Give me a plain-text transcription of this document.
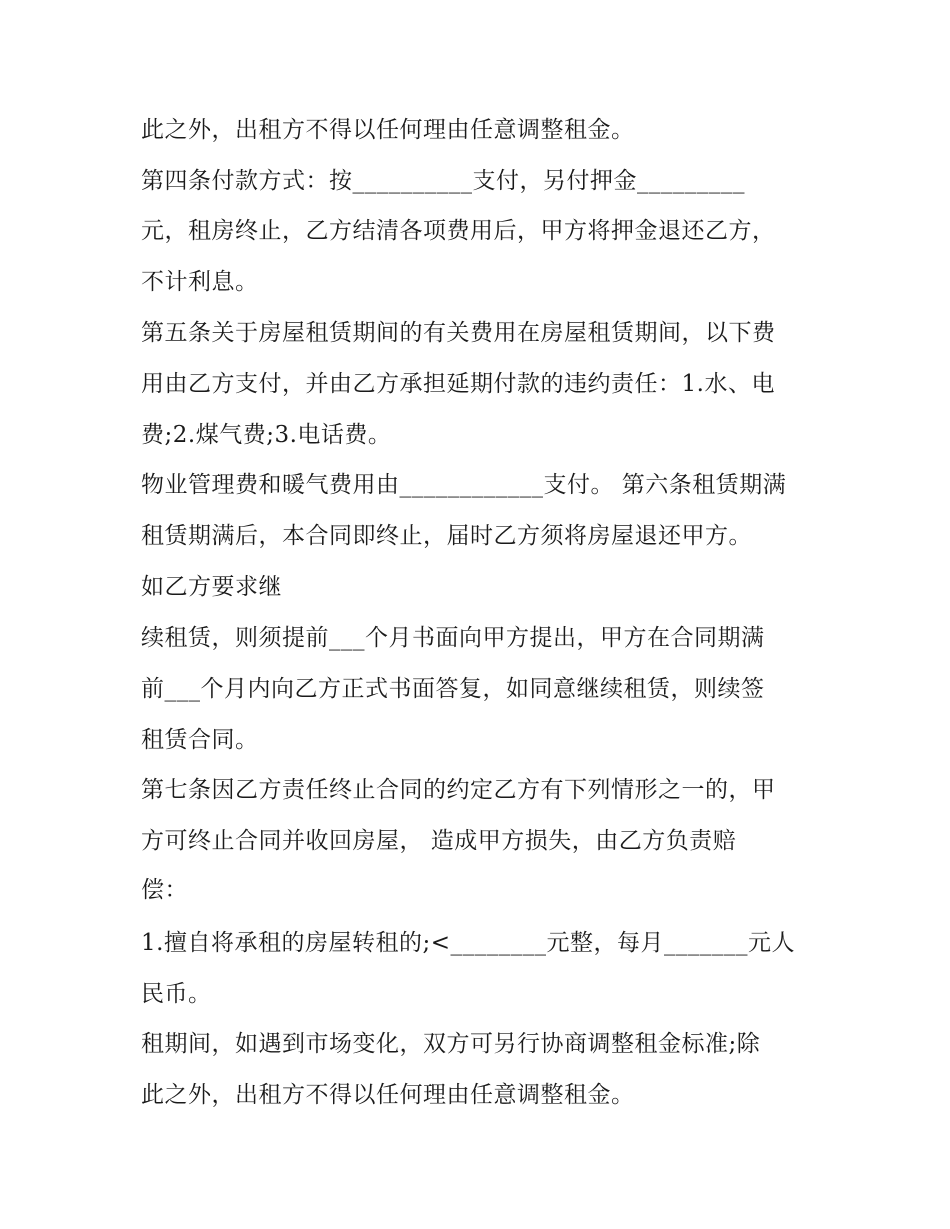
此之外，出租方不得以任何理由任意调整租金。
第四条付款方式：按__________支付，另付押金_________
元，租房终止，乙方结清各项费用后，甲方将押金退还乙方，
不计利息。
第五条关于房屋租赁期间的有关费用在房屋租赁期间，以下费
用由乙方支付，并由乙方承担延期付款的违约责任：1.水、电
费;2.煤气费;3.电话费。
物业管理费和暖气费用由____________支付。 第六条租赁期满
租赁期满后，本合同即终止，届时乙方须将房屋退还甲方。
如乙方要求继
续租赁，则须提前___个月书面向甲方提出，甲方在合同期满
前___个月内向乙方正式书面答复，如同意继续租赁，则续签
租赁合同。
第七条因乙方责任终止合同的约定乙方有下列情形之一的，甲
方可终止合同并收回房屋， 造成甲方损失，由乙方负责赔
偿：
1.擅自将承租的房屋转租的;<________元整，每月_______元人
民币。
租期间，如遇到市场变化，双方可另行协商调整租金标准;除
此之外，出租方不得以任何理由任意调整租金。
